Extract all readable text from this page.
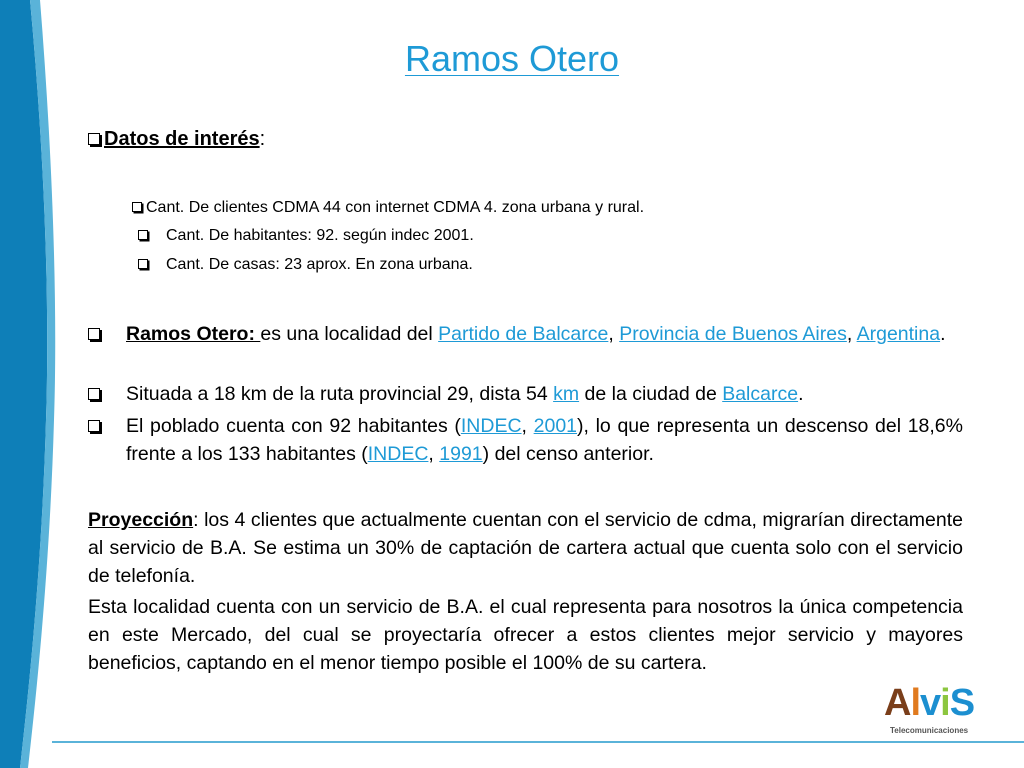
Ramos Otero
Datos de interés:
Cant. De clientes CDMA 44 con internet CDMA 4. zona urbana y rural.
Cant. De habitantes: 92. según indec 2001.
Cant. De casas: 23 aprox. En zona urbana.
Ramos Otero: es una localidad del Partido de Balcarce, Provincia de Buenos Aires, Argentina.
Situada a 18 km de la ruta provincial 29, dista 54 km de la ciudad de Balcarce.
El poblado cuenta con 92 habitantes (INDEC, 2001), lo que representa un descenso del 18,6% frente a los 133 habitantes (INDEC, 1991) del censo anterior.
Proyección: los 4 clientes que actualmente cuentan con el servicio de cdma, migrarían directamente al servicio de B.A. Se estima un 30% de captación de cartera actual que cuenta solo con el servicio de telefonía.
Esta localidad cuenta con un servicio de B.A. el cual representa para nosotros la única competencia en este Mercado, del cual se proyectaría ofrecer a estos clientes mejor servicio y mayores beneficios, captando en el menor tiempo posible el 100% de su cartera.
AlviS
Telecomunicaciones
